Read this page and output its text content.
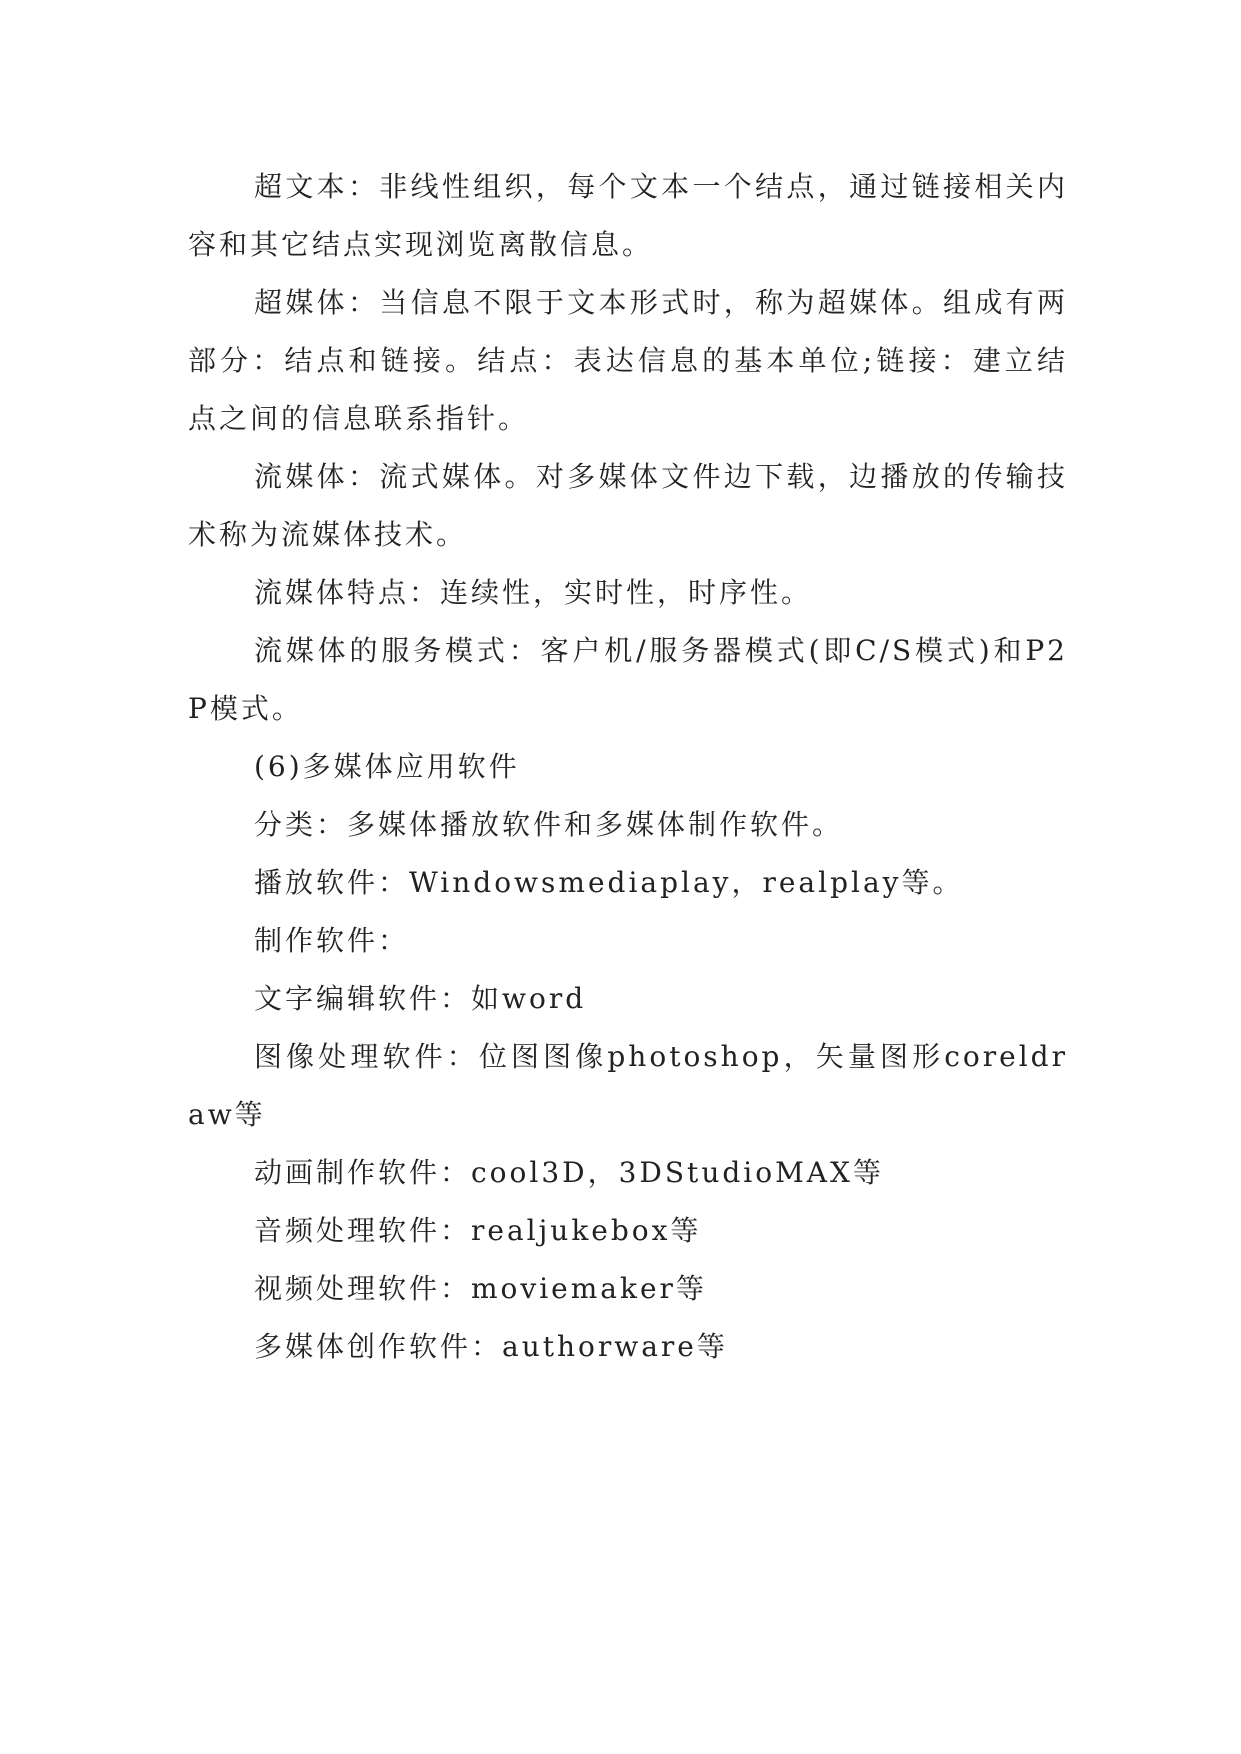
超文本：非线性组织，每个文本一个结点，通过链接相关内容和其它结点实现浏览离散信息。

超媒体：当信息不限于文本形式时，称为超媒体。组成有两部分：结点和链接。结点：表达信息的基本单位;链接：建立结点之间的信息联系指针。

流媒体：流式媒体。对多媒体文件边下载，边播放的传输技术称为流媒体技术。

流媒体特点：连续性，实时性，时序性。

流媒体的服务模式：客户机/服务器模式(即C/S模式)和P2P模式。

(6)多媒体应用软件

分类：多媒体播放软件和多媒体制作软件。

播放软件：Windowsmediaplay，realplay等。

制作软件：

文字编辑软件：如word

图像处理软件：位图图像photoshop，矢量图形coreldraw等

动画制作软件：cool3D，3DStudioMAX等

音频处理软件：realjukebox等

视频处理软件：moviemaker等

多媒体创作软件：authorware等
